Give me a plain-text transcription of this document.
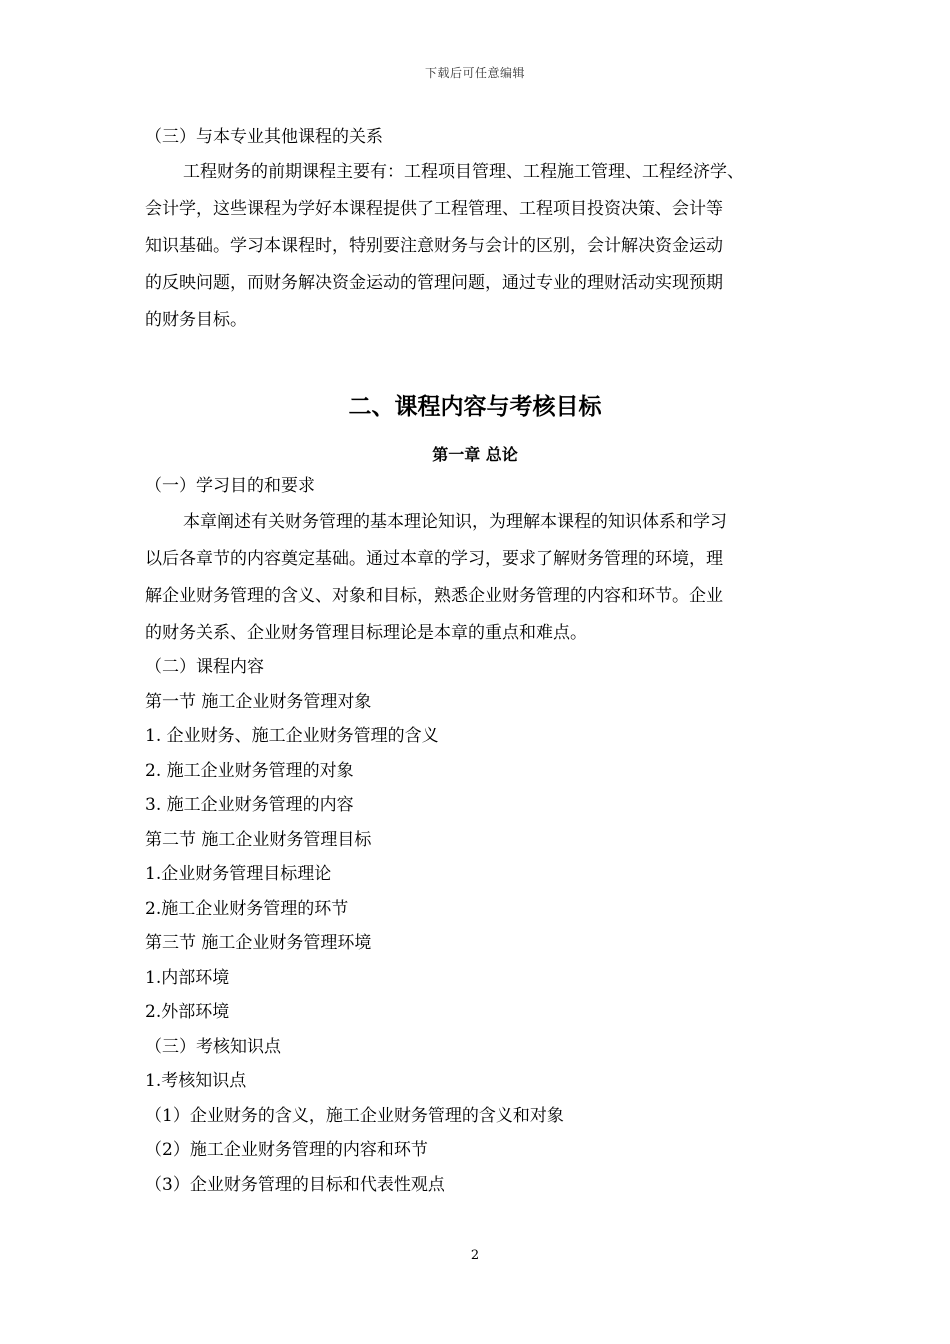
下载后可任意编辑
（三）与本专业其他课程的关系
工程财务的前期课程主要有：工程项目管理、工程施工管理、工程经济学、
会计学，这些课程为学好本课程提供了工程管理、工程项目投资决策、会计等
知识基础。学习本课程时，特别要注意财务与会计的区别，会计解决资金运动
的反映问题，而财务解决资金运动的管理问题，通过专业的理财活动实现预期
的财务目标。
二、课程内容与考核目标
第一章 总论
（一）学习目的和要求
本章阐述有关财务管理的基本理论知识，为理解本课程的知识体系和学习
以后各章节的内容奠定基础。通过本章的学习，要求了解财务管理的环境，理
解企业财务管理的含义、对象和目标，熟悉企业财务管理的内容和环节。企业
的财务关系、企业财务管理目标理论是本章的重点和难点。
（二）课程内容
第一节 施工企业财务管理对象
1. 企业财务、施工企业财务管理的含义
2. 施工企业财务管理的对象
3. 施工企业财务管理的内容
第二节 施工企业财务管理目标
1.企业财务管理目标理论
2.施工企业财务管理的环节
第三节 施工企业财务管理环境
1.内部环境
2.外部环境
（三）考核知识点
1.考核知识点
（1）企业财务的含义，施工企业财务管理的含义和对象
（2）施工企业财务管理的内容和环节
（3）企业财务管理的目标和代表性观点
2
